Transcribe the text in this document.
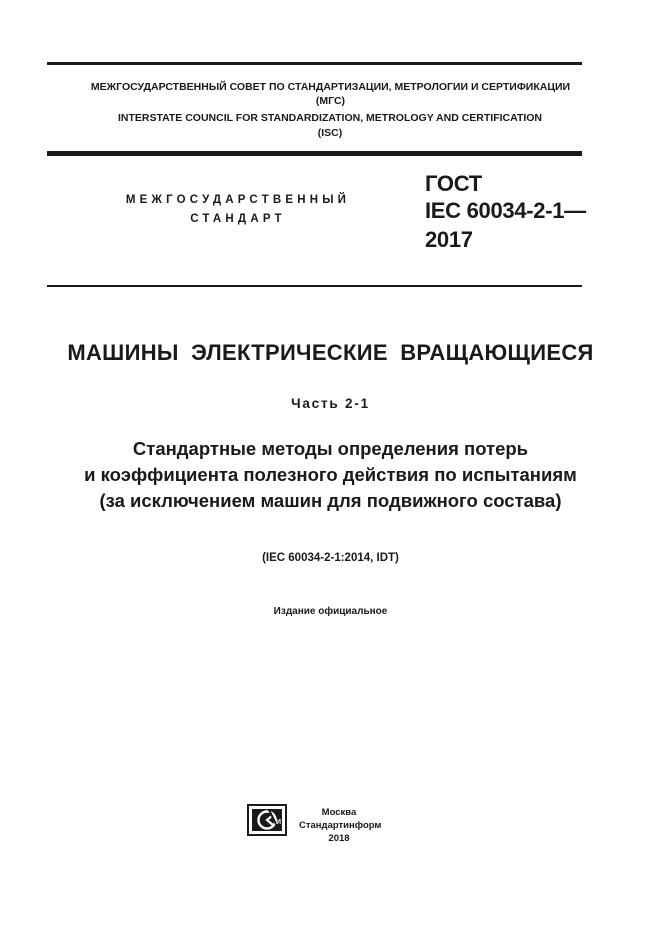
МЕЖГОСУДАРСТВЕННЫЙ СОВЕТ ПО СТАНДАРТИЗАЦИИ, МЕТРОЛОГИИ И СЕРТИФИКАЦИИ
(МГС)
INTERSTATE COUNCIL FOR STANDARDIZATION, METROLOGY AND CERTIFICATION
(ISC)
МЕЖГОСУДАРСТВЕННЫЙ
СТАНДАРТ
ГОСТ
IEC 60034-2-1—
2017
МАШИНЫ ЭЛЕКТРИЧЕСКИЕ ВРАЩАЮЩИЕСЯ
Часть 2-1
Стандартные методы определения потерь
и коэффициента полезного действия по испытаниям
(за исключением машин для подвижного состава)
(IEC 60034-2-1:2014, IDT)
Издание официальное
И
Москва
Стандартинформ
2018
